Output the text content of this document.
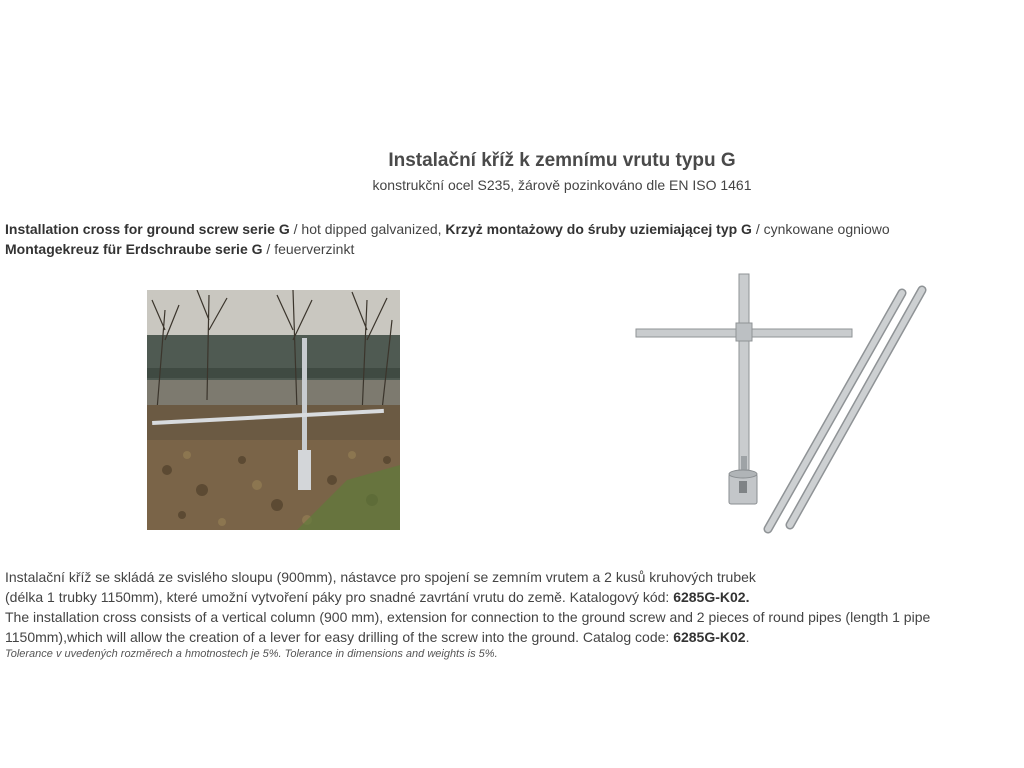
Instalační kříž k zemnímu vrutu typu G
konstrukční ocel S235, žárově pozinkováno dle EN ISO 1461
Installation cross for ground screw serie G / hot dipped galvanized, Krzyż montażowy do śruby uziemiającej typ G / cynkowane ogniowo
Montagekreuz für Erdschraube serie G / feuerverzinkt
Instalační kříž se skládá ze svislého sloupu (900mm), nástavce pro spojení se zemním vrutem a 2 kusů kruhových trubek
(délka 1 trubky 1150mm), které umožní vytvoření páky pro snadné zavrtání vrutu do země. Katalogový kód: 6285G-K02.
The installation cross consists of a vertical column (900 mm), extension for connection to the ground screw and 2 pieces of round pipes (length 1 pipe 1150mm),which will allow the creation of a lever for easy drilling of the screw into the ground. Catalog code: 6285G-K02.
Tolerance v uvedených rozměrech a hmotnostech je 5%. Tolerance in dimensions and weights is 5%.
